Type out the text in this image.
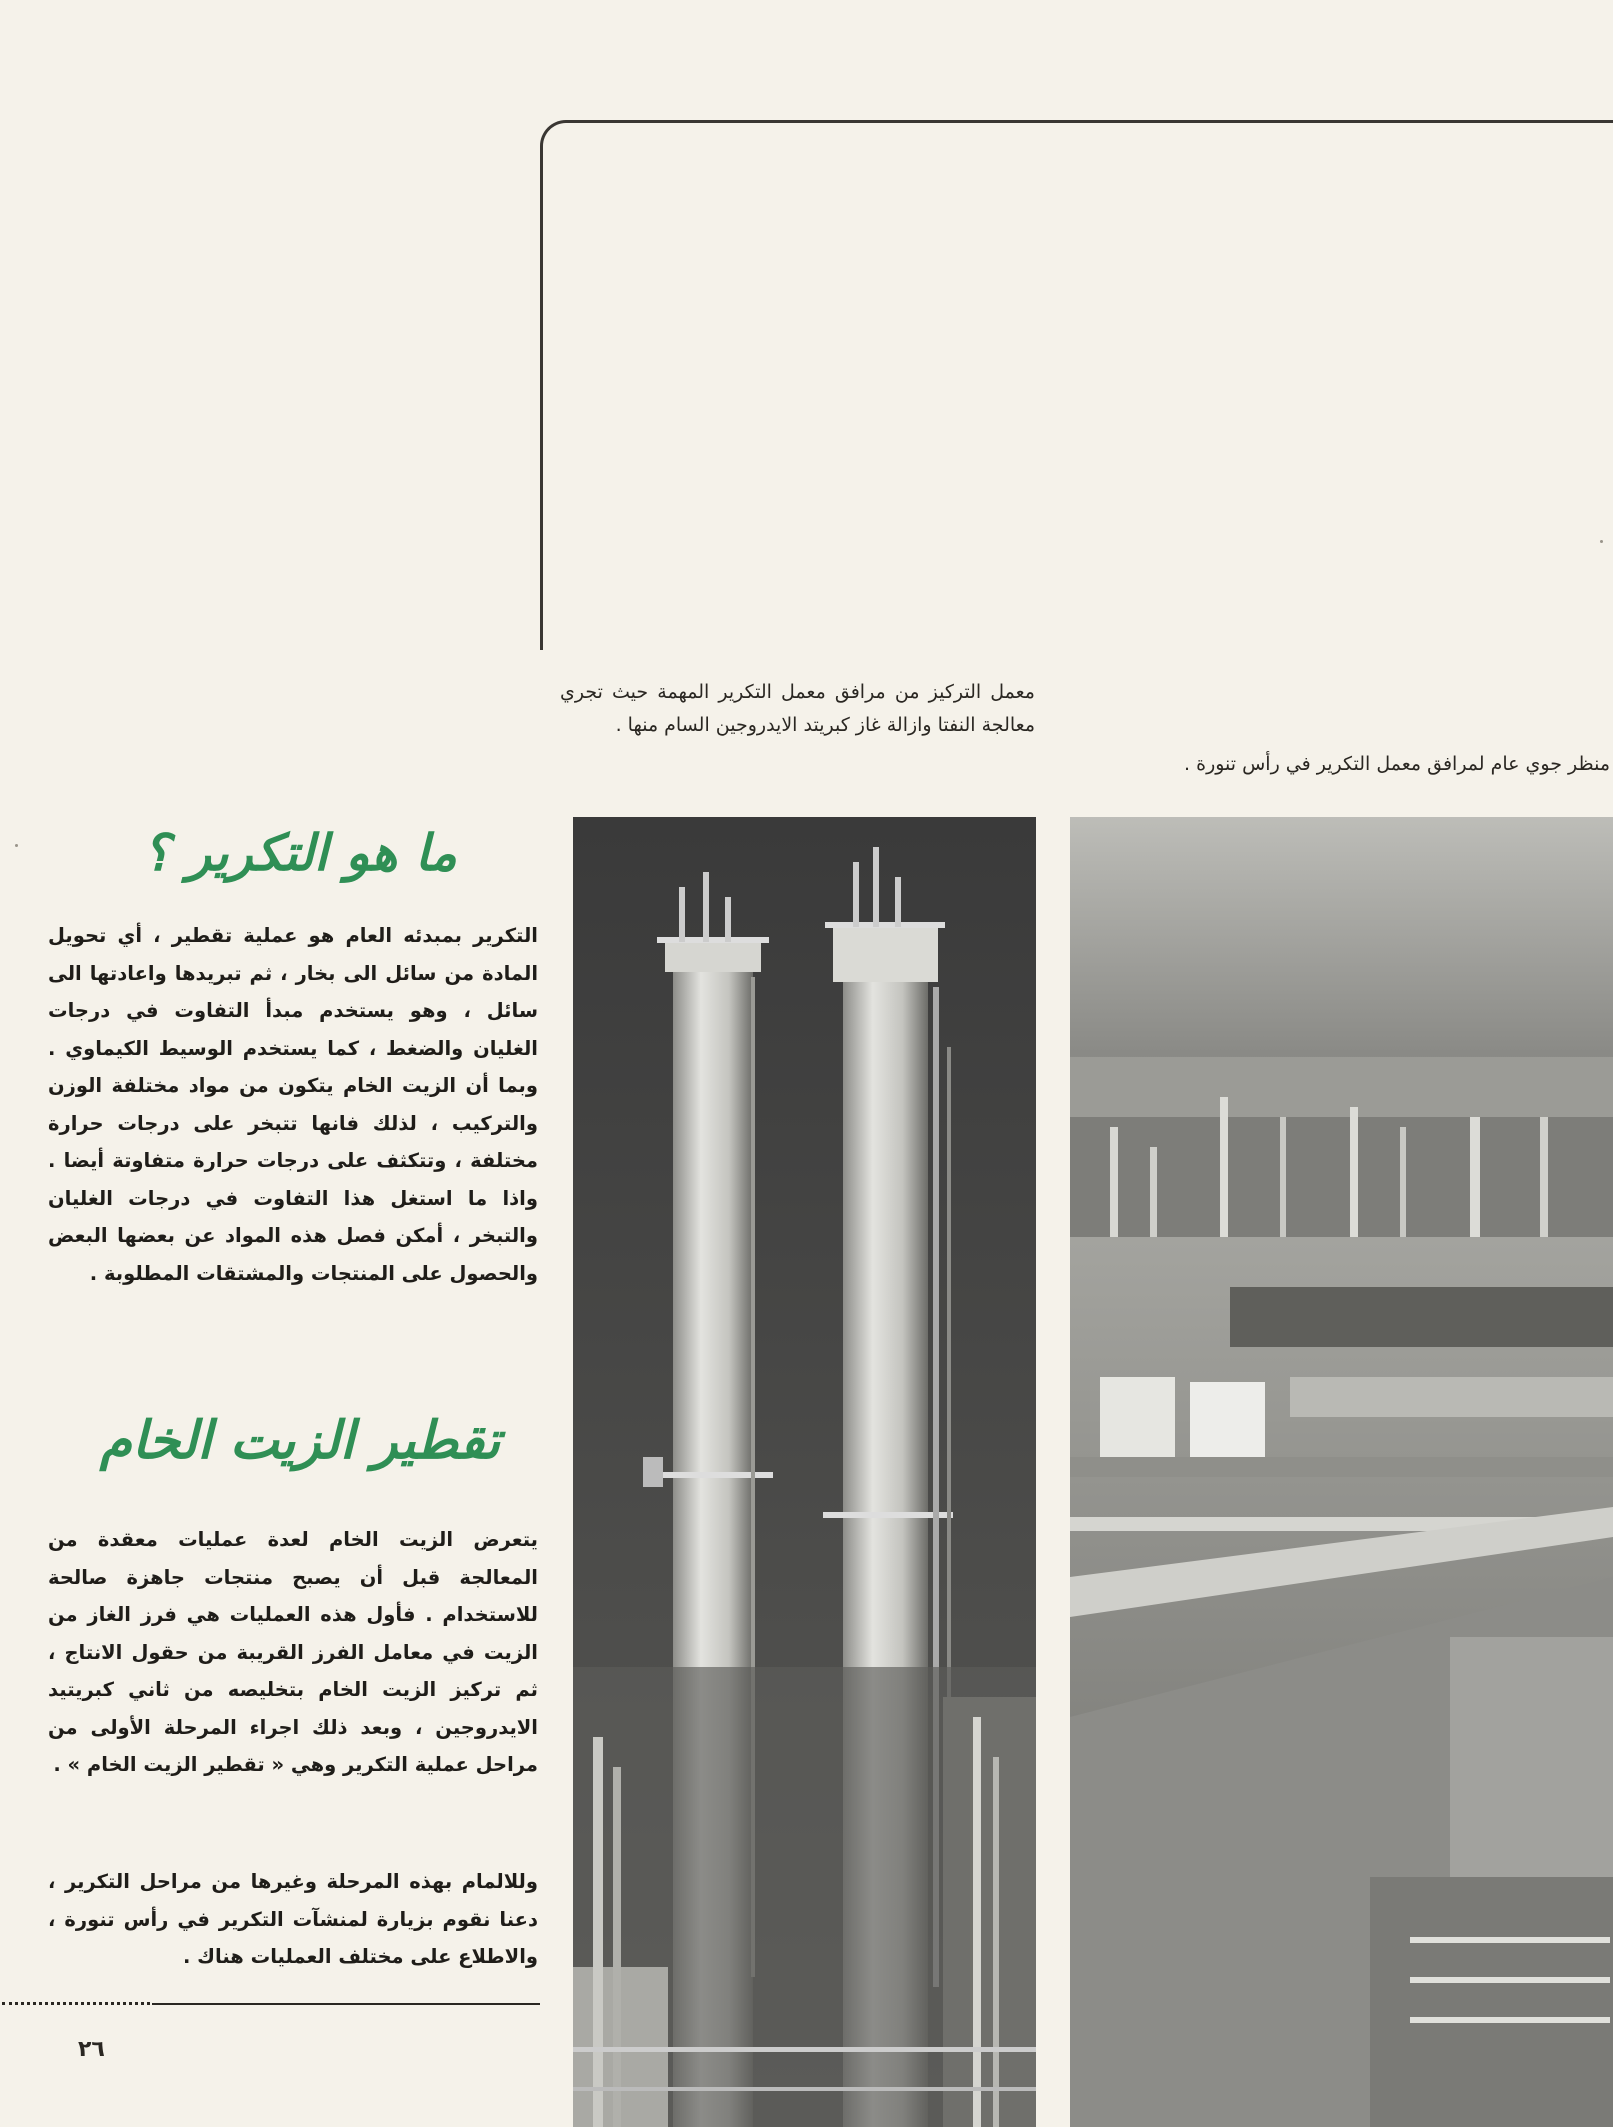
معمل التركيز من مرافق معمل التكرير المهمة حيث تجري معالجة النفتا وازالة غاز كبريتد الايدروجين السام منها .
منظر جوي عام لمرافق معمل التكرير في رأس تنورة .
ما هو التكرير ؟
التكرير بمبدئه العام هو عملية تقطير ، أي تحويل المادة من سائل الى بخار ، ثم تبريدها واعادتها الى سائل ، وهو يستخدم مبدأ التفاوت في درجات الغليان والضغط ، كما يستخدم الوسيط الكيماوي . وبما أن الزيت الخام يتكون من مواد مختلفة الوزن والتركيب ، لذلك فانها تتبخر على درجات حرارة مختلفة ، وتتكثف على درجات حرارة متفاوتة أيضا . واذا ما استغل هذا التفاوت في درجات الغليان والتبخر ، أمكن فصل هذه المواد عن بعضها البعض والحصول على المنتجات والمشتقات المطلوبة .
تقطير الزيت الخام
يتعرض الزيت الخام لعدة عمليات معقدة من المعالجة قبل أن يصبح منتجات جاهزة صالحة للاستخدام . فأول هذه العمليات هي فرز الغاز من الزيت في معامل الفرز القريبة من حقول الانتاج ، ثم تركيز الزيت الخام بتخليصه من ثاني كبريتيد الايدروجين ، وبعد ذلك اجراء المرحلة الأولى من مراحل عملية التكرير وهي « تقطير الزيت الخام » .
وللالمام بهذه المرحلة وغيرها من مراحل التكرير ، دعنا نقوم بزيارة لمنشآت التكرير في رأس تنورة ، والاطلاع على مختلف العمليات هناك .
٢٦
